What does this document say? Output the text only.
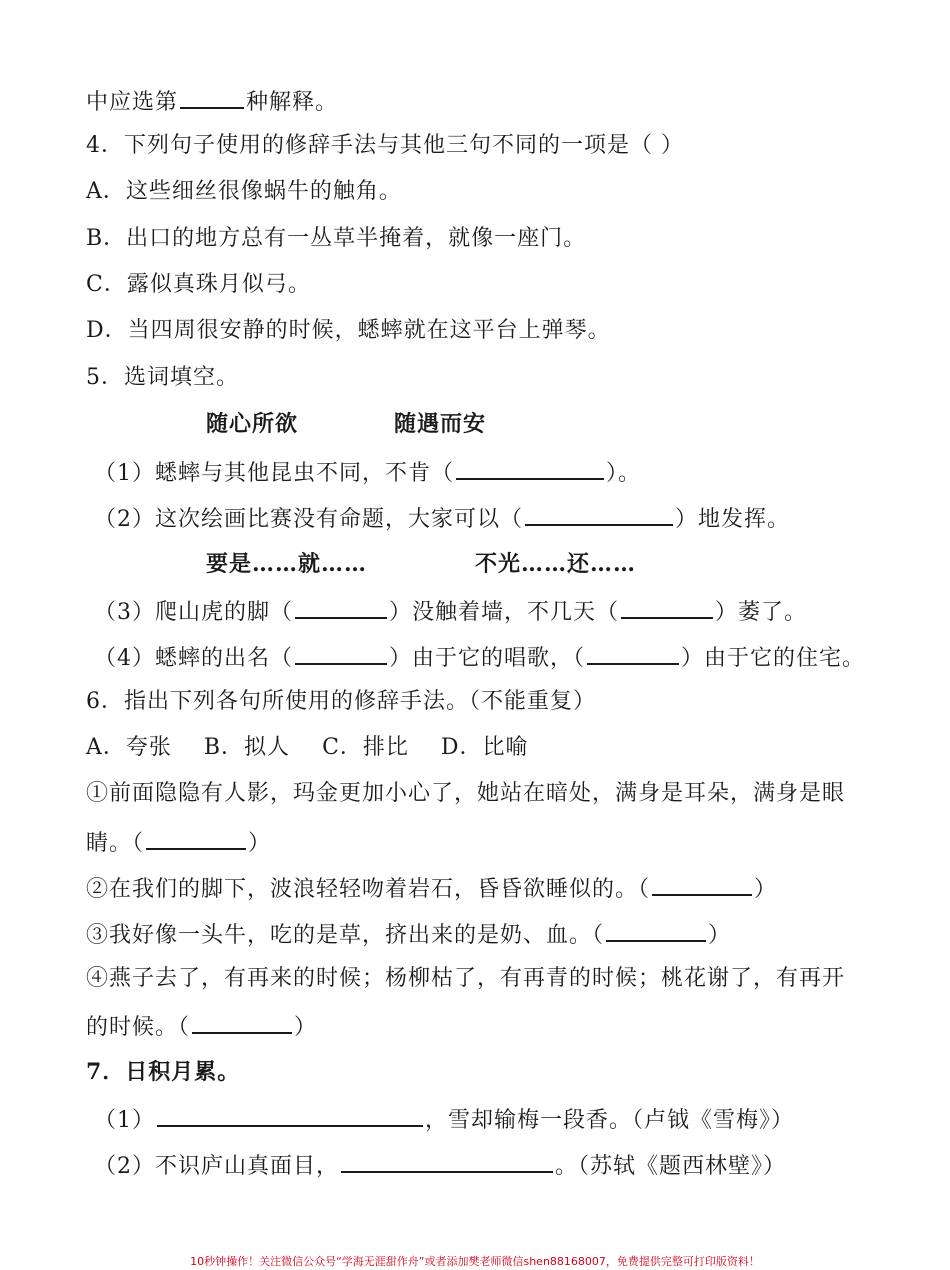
中应选第	种解释。
4．下列句子使用的修辞手法与其他三句不同的一项是（ ）
A．这些细丝很像蜗牛的触角。
B．出口的地方总有一丛草半掩着，就像一座门。
C．露似真珠月似弓。
D．当四周很安静的时候，蟋蟀就在这平台上弹琴。
5．选词填空。
随心所欲	随遇而安
（1）蟋蟀与其他昆虫不同，不肯（	）。
（2）这次绘画比赛没有命题，大家可以（	）地发挥。
要是……就……	不光……还……
（3）爬山虎的脚（	）没触着墙，不几天（	）萎了。
（4）蟋蟀的出名（	）由于它的唱歌，（	）由于它的住宅。
6．指出下列各句所使用的修辞手法。（不能重复）
A．夸张 B．拟人 C．排比 D．比喻
①前面隐隐有人影，玛金更加小心了，她站在暗处，满身是耳朵，满身是眼
睛。（	）
②在我们的脚下，波浪轻轻吻着岩石，昏昏欲睡似的。（	）
③我好像一头牛，吃的是草，挤出来的是奶、血。（	）
④燕子去了，有再来的时候；杨柳枯了，有再青的时候；桃花谢了，有再开
的时候。（	）
7．日积月累。
（1）	，雪却输梅一段香。（卢钺《雪梅》）
（2）不识庐山真面目，	。（苏轼《题西林壁》）
10秒钟操作！关注微信公众号“学海无涯甜作舟”或者添加樊老师微信shen88168007，免费提供完整可打印版资料！
